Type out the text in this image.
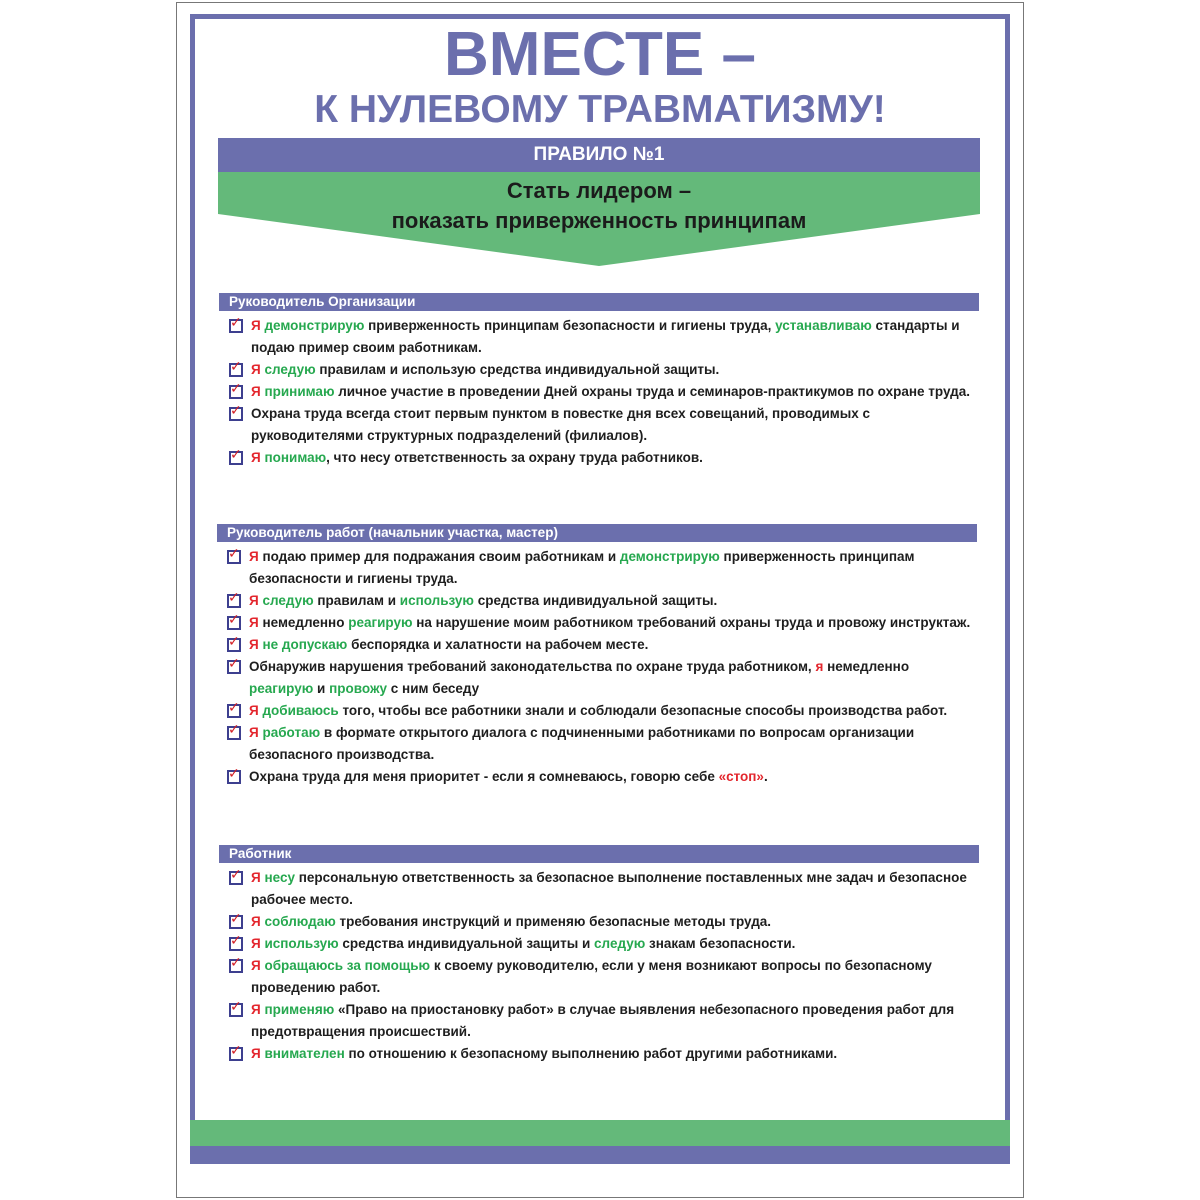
ВМЕСТЕ –
К НУЛЕВОМУ ТРАВМАТИЗМУ!
ПРАВИЛО №1
Стать лидером –
показать приверженность принципам
Руководитель Организации
✓ Я демонстрирую приверженность принципам безопасности и гигиены труда, устанавливаю стандарты и подаю пример своим работникам.
✓ Я следую правилам и использую средства индивидуальной защиты.
✓ Я принимаю личное участие в проведении Дней охраны труда и семинаров-практикумов по охране труда.
✓ Охрана труда всегда стоит первым пунктом в повестке дня всех совещаний, проводимых с руководителями структурных подразделений (филиалов).
✓ Я понимаю, что несу ответственность за охрану труда работников.
Руководитель работ (начальник участка, мастер)
✓ Я подаю пример для подражания своим работникам и демонстрирую приверженность принципам безопасности и гигиены труда.
✓ Я следую правилам и использую средства индивидуальной защиты.
✓ Я немедленно реагирую на нарушение моим работником требований охраны труда и провожу инструктаж.
✓ Я не допускаю беспорядка и халатности на рабочем месте.
✓ Обнаружив нарушения требований законодательства по охране труда работником, я немедленно реагирую и провожу с ним беседу
✓ Я добиваюсь того, чтобы все работники знали и соблюдали безопасные способы производства работ.
✓ Я работаю в формате открытого диалога с подчиненными работниками по вопросам организации безопасного производства.
✓ Охрана труда для меня приоритет - если я сомневаюсь, говорю себе «стоп».
Работник
✓ Я несу персональную ответственность за безопасное выполнение поставленных мне задач и безопасное рабочее место.
✓ Я соблюдаю требования инструкций и применяю безопасные методы труда.
✓ Я использую средства индивидуальной защиты и следую знакам безопасности.
✓ Я обращаюсь за помощью к своему руководителю, если у меня возникают вопросы по безопасному проведению работ.
✓ Я применяю «Право на приостановку работ» в случае выявления небезопасного проведения работ для предотвращения происшествий.
✓ Я внимателен по отношению к безопасному выполнению работ другими работниками.
